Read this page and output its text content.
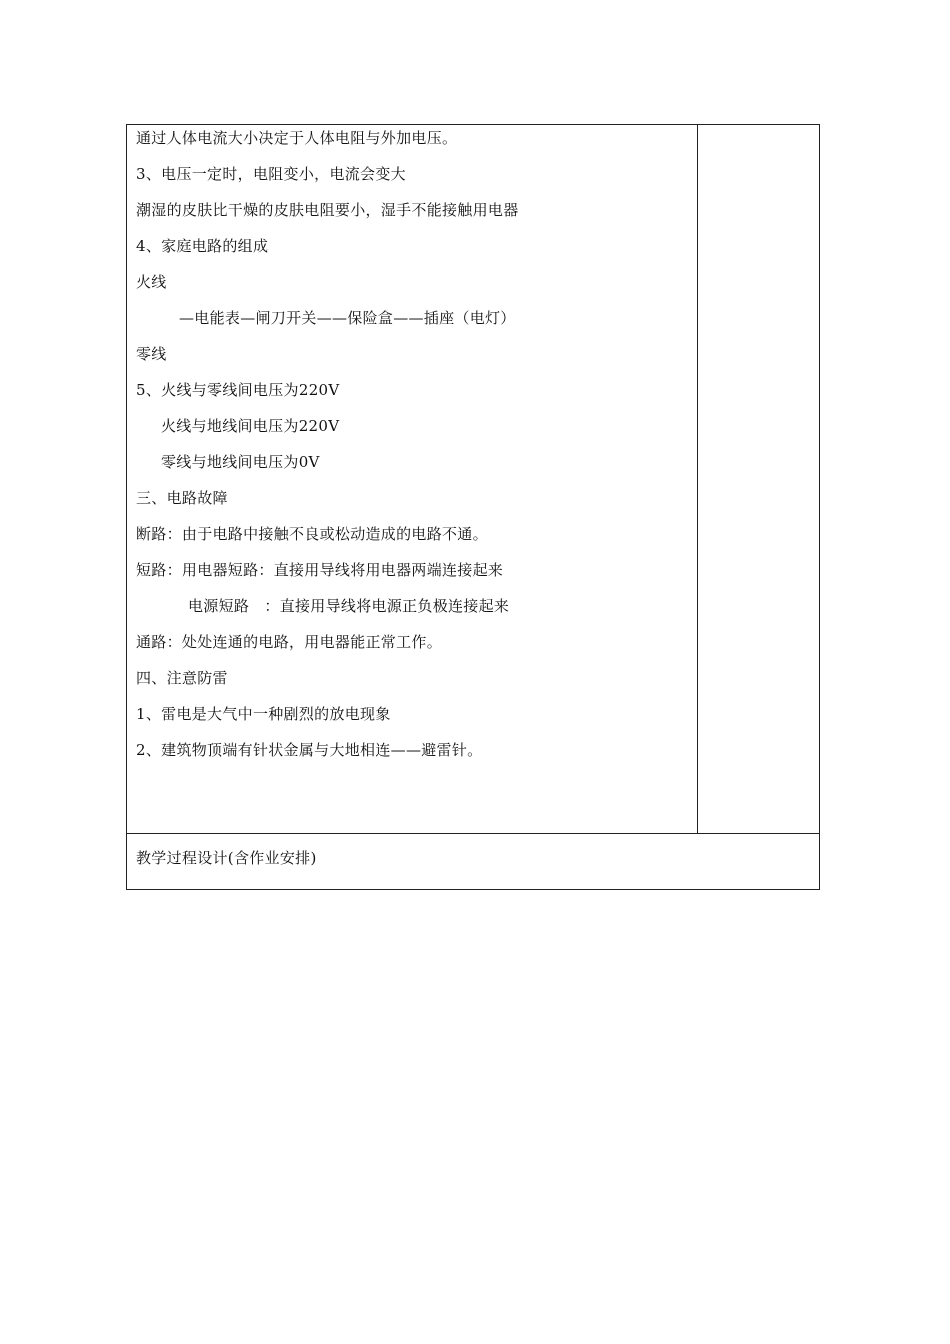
通过人体电流大小决定于人体电阻与外加电压。
3、电压一定时，电阻变小，电流会变大
潮湿的皮肤比干燥的皮肤电阻要小，湿手不能接触用电器
4、家庭电路的组成
火线
—电能表—闸刀开关——保险盒——插座（电灯）
零线
5、火线与零线间电压为220V
火线与地线间电压为220V
零线与地线间电压为0V
三、电路故障
断路：由于电路中接触不良或松动造成的电路不通。
短路：用电器短路：直接用导线将用电器两端连接起来
电源短路   ：直接用导线将电源正负极连接起来
通路：处处连通的电路，用电器能正常工作。
四、注意防雷
1、雷电是大气中一种剧烈的放电现象
2、建筑物顶端有针状金属与大地相连——避雷针。
教学过程设计(含作业安排)
